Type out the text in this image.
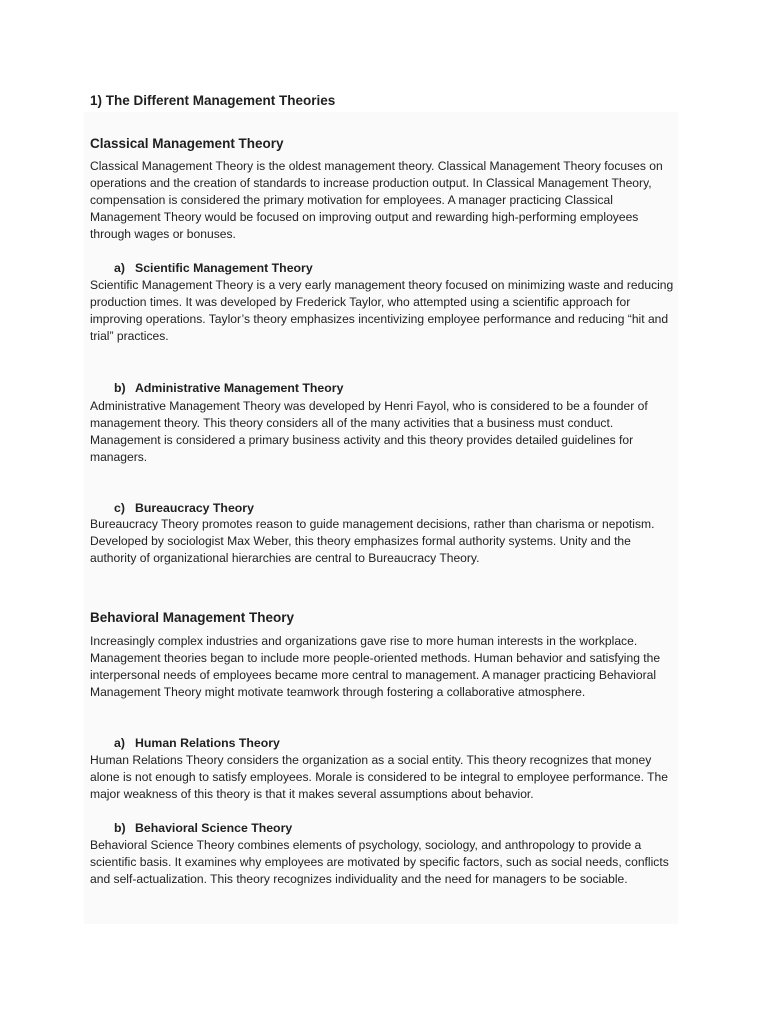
1) The Different Management Theories
Classical Management Theory

Classical Management Theory is the oldest management theory. Classical Management Theory focuses on operations and the creation of standards to increase production output. In Classical Management Theory, compensation is considered the primary motivation for employees. A manager practicing Classical Management Theory would be focused on improving output and rewarding high-performing employees through wages or bonuses.

a) Scientific Management Theory

Scientific Management Theory is a very early management theory focused on minimizing waste and reducing production times. It was developed by Frederick Taylor, who attempted using a scientific approach for improving operations. Taylor’s theory emphasizes incentivizing employee performance and reducing “hit and trial” practices.

b) Administrative Management Theory

Administrative Management Theory was developed by Henri Fayol, who is considered to be a founder of management theory. This theory considers all of the many activities that a business must conduct. Management is considered a primary business activity and this theory provides detailed guidelines for managers.

c) Bureaucracy Theory

Bureaucracy Theory promotes reason to guide management decisions, rather than charisma or nepotism. Developed by sociologist Max Weber, this theory emphasizes formal authority systems. Unity and the authority of organizational hierarchies are central to Bureaucracy Theory.

Behavioral Management Theory

Increasingly complex industries and organizations gave rise to more human interests in the workplace. Management theories began to include more people-oriented methods. Human behavior and satisfying the interpersonal needs of employees became more central to management. A manager practicing Behavioral Management Theory might motivate teamwork through fostering a collaborative atmosphere.

a) Human Relations Theory

Human Relations Theory considers the organization as a social entity. This theory recognizes that money alone is not enough to satisfy employees. Morale is considered to be integral to employee performance. The major weakness of this theory is that it makes several assumptions about behavior.

b) Behavioral Science Theory

Behavioral Science Theory combines elements of psychology, sociology, and anthropology to provide a scientific basis. It examines why employees are motivated by specific factors, such as social needs, conflicts and self-actualization. This theory recognizes individuality and the need for managers to be sociable.
